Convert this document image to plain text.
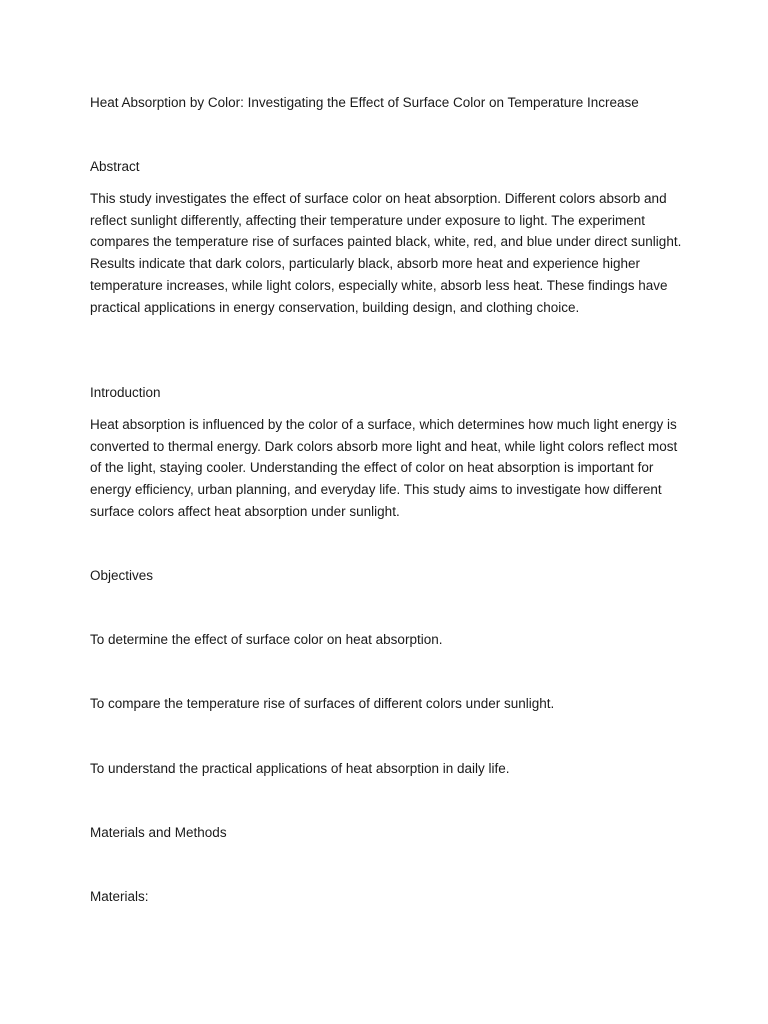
Heat Absorption by Color: Investigating the Effect of Surface Color on Temperature Increase

Abstract

This study investigates the effect of surface color on heat absorption. Different colors absorb and reflect sunlight differently, affecting their temperature under exposure to light. The experiment compares the temperature rise of surfaces painted black, white, red, and blue under direct sunlight. Results indicate that dark colors, particularly black, absorb more heat and experience higher temperature increases, while light colors, especially white, absorb less heat. These findings have practical applications in energy conservation, building design, and clothing choice.

Introduction

Heat absorption is influenced by the color of a surface, which determines how much light energy is converted to thermal energy. Dark colors absorb more light and heat, while light colors reflect most of the light, staying cooler. Understanding the effect of color on heat absorption is important for energy efficiency, urban planning, and everyday life. This study aims to investigate how different surface colors affect heat absorption under sunlight.

Objectives

To determine the effect of surface color on heat absorption.

To compare the temperature rise of surfaces of different colors under sunlight.

To understand the practical applications of heat absorption in daily life.

Materials and Methods

Materials:
